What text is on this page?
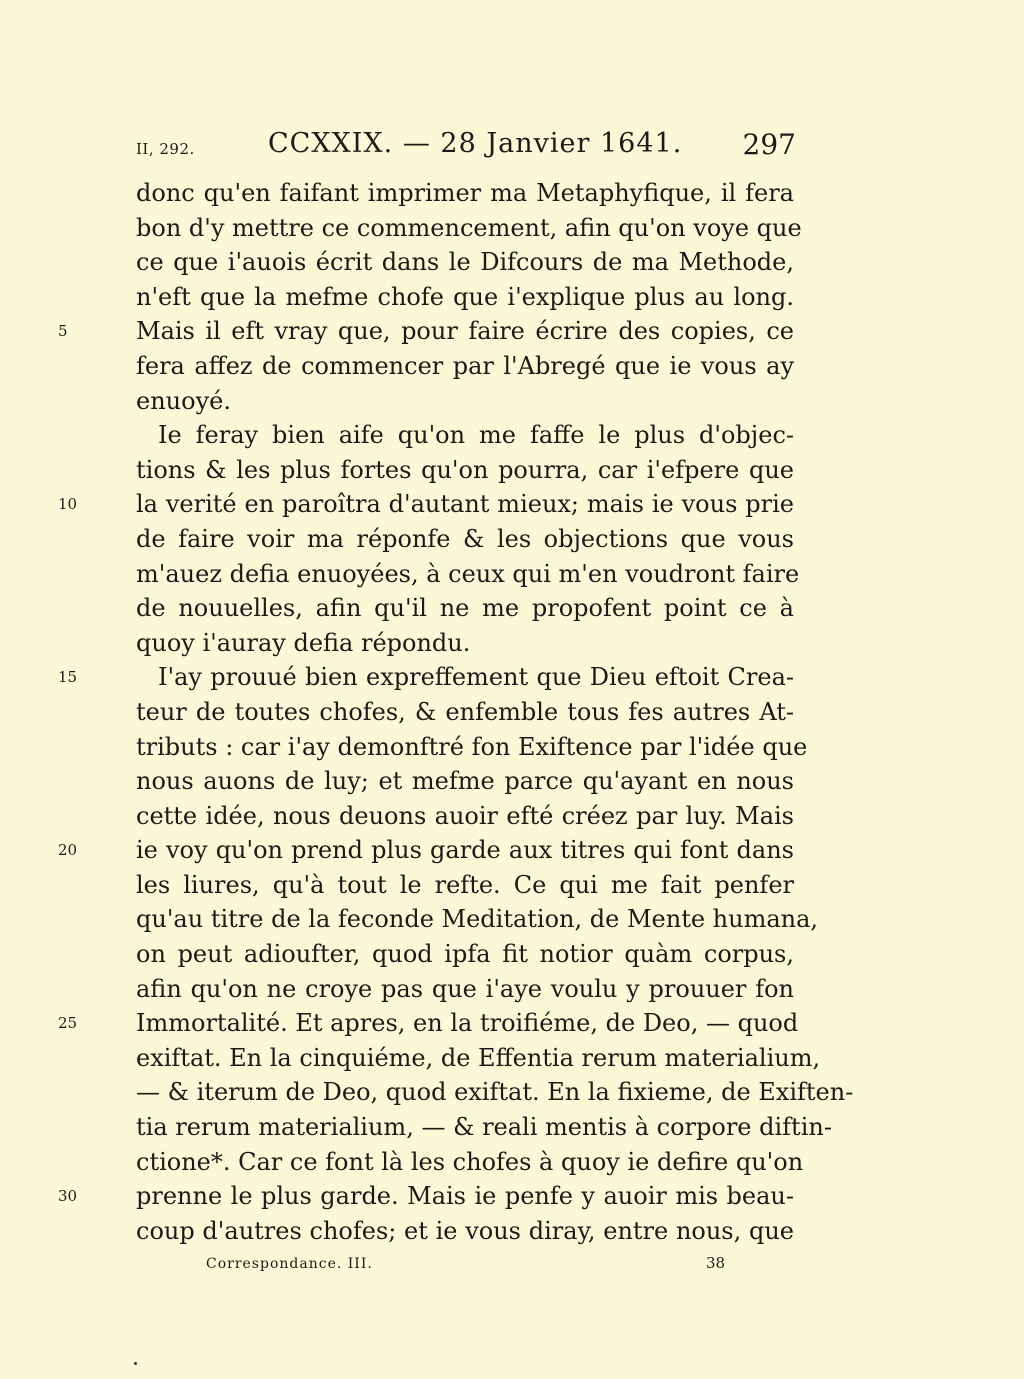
II, 292.	CCXXIX. — 28 Janvier 1641. 297
donc qu'en faifant imprimer ma Metaphyfique, il fera
bon d'y mettre ce commencement, afin qu'on voye que
ce que i'auois écrit dans le Difcours de ma Methode,
n'eft que la mefme chofe que i'explique plus au long.
5	Mais il eft vray que, pour faire écrire des copies, ce
fera affez de commencer par l'Abregé que ie vous ay
enuoyé.
Ie feray bien aife qu'on me faffe le plus d'objec-
tions & les plus fortes qu'on pourra, car i'efpere que
10	la verité en paroîtra d'autant mieux; mais ie vous prie
de faire voir ma réponfe & les objections que vous
m'auez defia enuoyées, à ceux qui m'en voudront faire
de nouuelles, afin qu'il ne me propofent point ce à
quoy i'auray defia répondu.
15	I'ay prouué bien expreffement que Dieu eftoit Crea-
teur de toutes chofes, & enfemble tous fes autres At-
tributs : car i'ay demonftré fon Exiftence par l'idée que
nous auons de luy; et mefme parce qu'ayant en nous
cette idée, nous deuons auoir efté créez par luy. Mais
20	ie voy qu'on prend plus garde aux titres qui font dans
les liures, qu'à tout le refte. Ce qui me fait penfer
qu'au titre de la feconde Meditation, de Mente humana,
on peut adioufter, quod ipfa fit notior quàm corpus,
afin qu'on ne croye pas que i'aye voulu y prouuer fon
25	Immortalité. Et apres, en la troifiéme, de Deo, — quod
exiftat. En la cinquiéme, de Effentia rerum materialium,
— & iterum de Deo, quod exiftat. En la fixieme, de Exiften-
tia rerum materialium, — & reali mentis à corpore diftin-
ctione*. Car ce font là les chofes à quoy ie defire qu'on
30	prenne le plus garde. Mais ie penfe y auoir mis beau-
coup d'autres chofes; et ie vous diray, entre nous, que
Correspondance. III.	38
